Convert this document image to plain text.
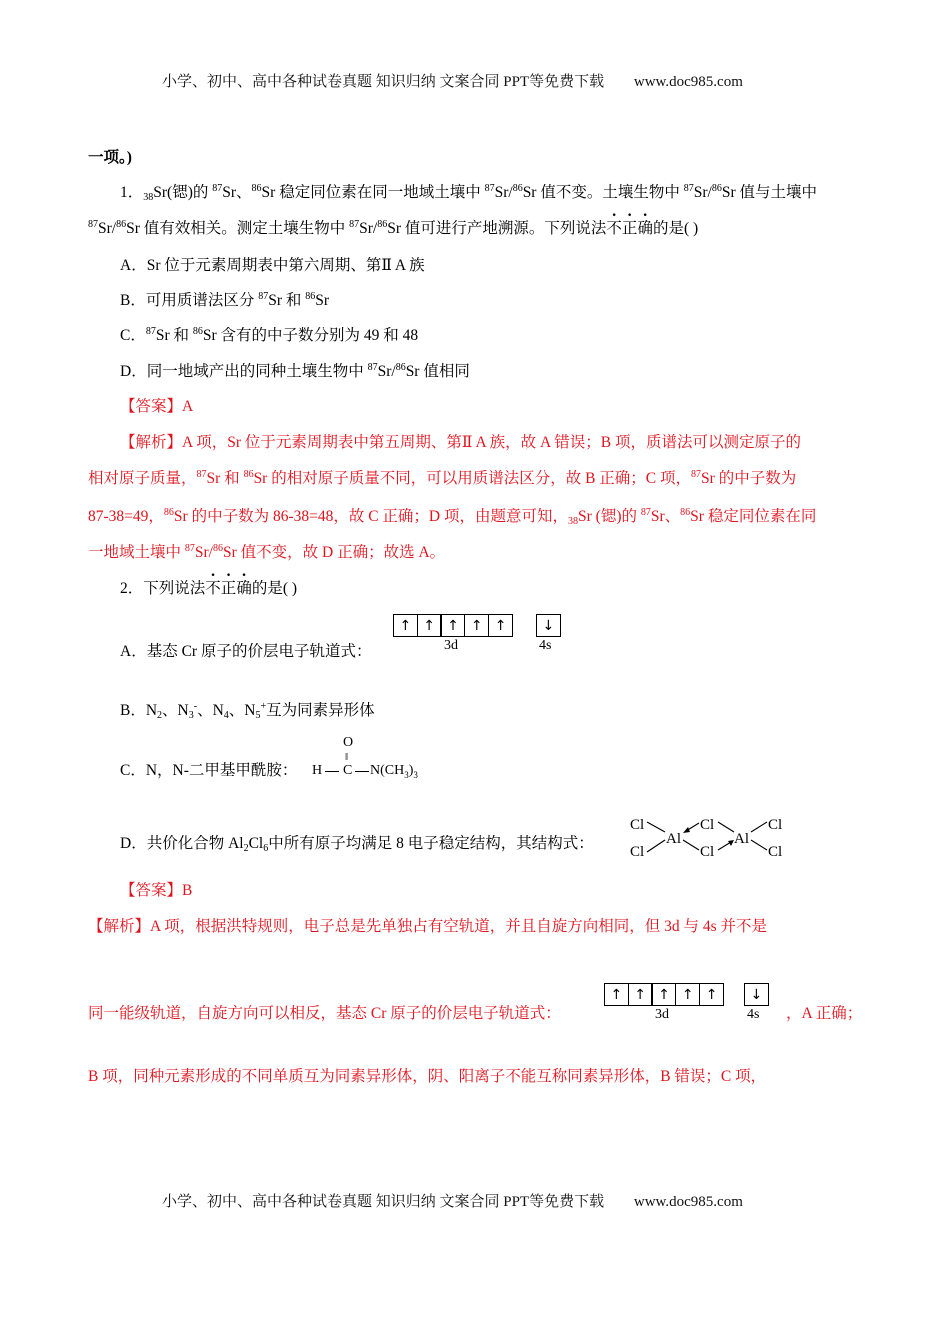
小学、初中、高中各种试卷真题 知识归纳 文案合同 PPT等免费下载 www.doc985.com
一项。)
1．$_{38}$Sr(锶)的 $^{87}$Sr、$^{86}$Sr 稳定同位素在同一地域土壤中 $^{87}$Sr/$^{86}$Sr 值不变。土壤生物中 $^{87}$Sr/$^{86}$Sr 值与土壤中
$^{87}$Sr/$^{86}$Sr 值有效相关。测定土壤生物中 $^{87}$Sr/$^{86}$Sr 值可进行产地溯源。下列说法不正确的是( )
A．Sr 位于元素周期表中第六周期、第Ⅱ A 族
B．可用质谱法区分 $^{87}$Sr 和 $^{86}$Sr
C．$^{87}$Sr 和 $^{86}$Sr 含有的中子数分别为 49 和 48
D．同一地域产出的同种土壤生物中 $^{87}$Sr/$^{86}$Sr 值相同
【答案】A
【解析】A 项，Sr 位于元素周期表中第五周期、第Ⅱ A 族，故 A 错误；B 项，质谱法可以测定原子的
相对原子质量，$^{87}$Sr 和 $^{86}$Sr 的相对原子质量不同，可以用质谱法区分，故 B 正确；C 项，$^{87}$Sr 的中子数为
87-38=49，$^{86}$Sr 的中子数为 86-38=48，故 C 正确；D 项，由题意可知，$_{38}$Sr (锶)的 $^{87}$Sr、$^{86}$Sr 稳定同位素在同
一地域土壤中 $^{87}$Sr/$^{86}$Sr 值不变，故 D 正确；故选 A。
2．下列说法不正确的是( )
A．基态 Cr 原子的价层电子轨道式：
↑ ↑ ↑ ↑ ↑
3d
↓
4s
B．$N_2$、$N_3^-$、$N_4$、$N_5^+$互为同素异形体
C．N，N-二甲基甲酰胺：
O
‖
H C $N(CH_3)_3$
D．共价化合物 $Al_2Cl_6$中所有原子均满足 8 电子稳定结构，其结构式：
Cl
Cl
Al
Cl
Cl
Al
Cl
Cl
【答案】B
【解析】A 项，根据洪特规则，电子总是先单独占有空轨道，并且自旋方向相同，但 3d 与 4s 并不是
同一能级轨道，自旋方向可以相反，基态 Cr 原子的价层电子轨道式：
↑ ↑ ↑ ↑ ↑
3d
↓
4s ，A 正确；
B 项，同种元素形成的不同单质互为同素异形体，阴、阳离子不能互称同素异形体，B 错误；C 项，
小学、初中、高中各种试卷真题 知识归纳 文案合同 PPT等免费下载 www.doc985.com
